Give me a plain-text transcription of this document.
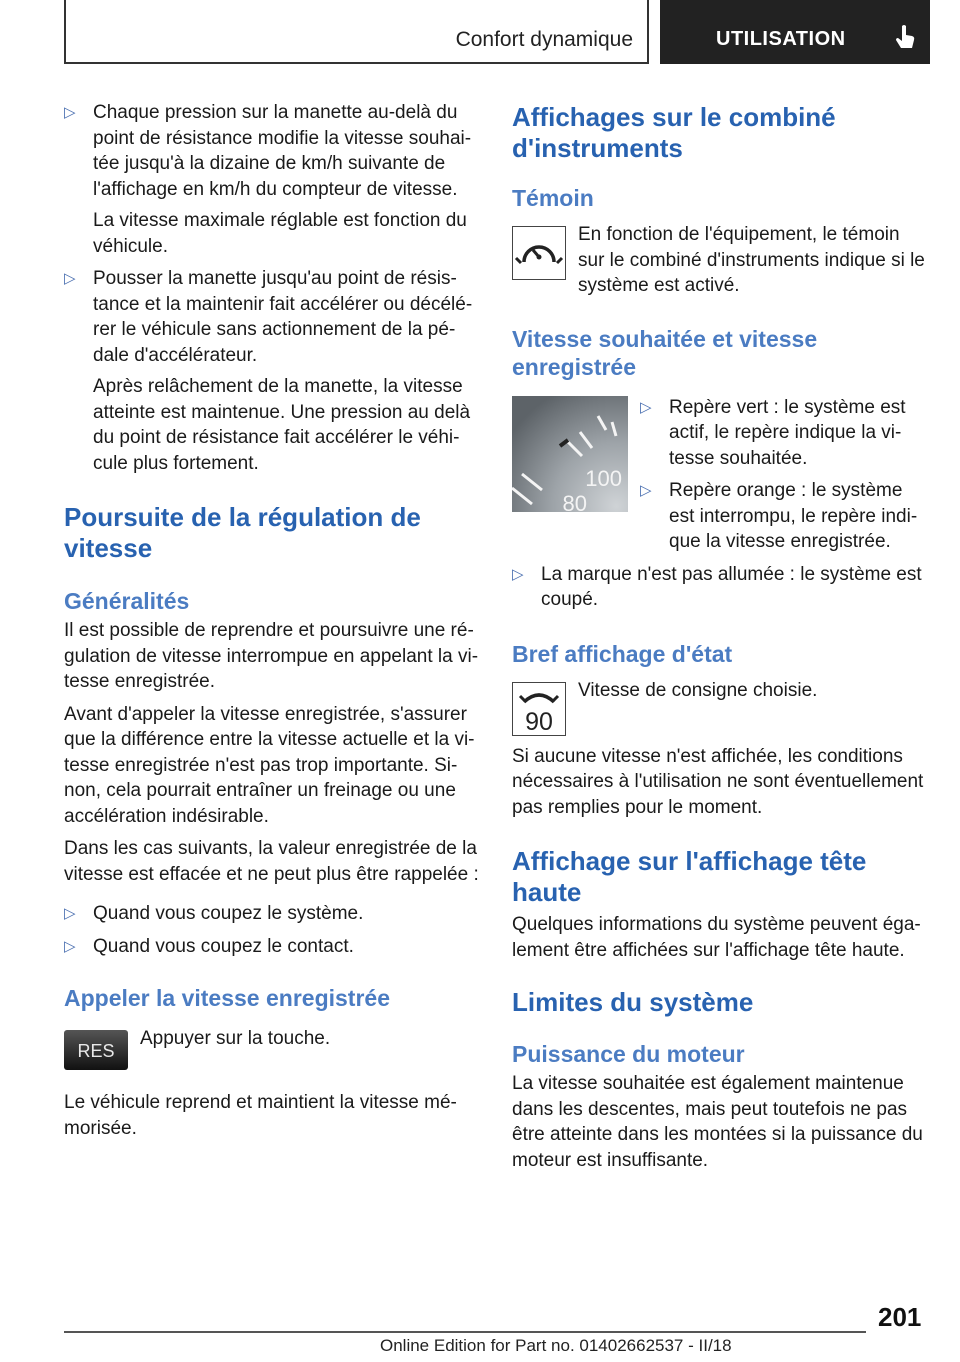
Confort dynamique	UTILISATION
▷ Chaque pression sur la manette au-delà du point de résistance modifie la vitesse souhaitée jusqu'à la dizaine de km/h suivante de l'affichage en km/h du compteur de vitesse.

La vitesse maximale réglable est fonction du véhicule.

▷ Pousser la manette jusqu'au point de résistance et la maintenir fait accélérer ou décélérer le véhicule sans actionnement de la pédale d'accélérateur.

Après relâchement de la manette, la vitesse atteinte est maintenue. Une pression au delà du point de résistance fait accélérer le véhicule plus fortement.

Poursuite de la régulation de vitesse
Généralités

Il est possible de reprendre et poursuivre une régulation de vitesse interrompue en appelant la vitesse enregistrée.

Avant d'appeler la vitesse enregistrée, s'assurer que la différence entre la vitesse actuelle et la vitesse enregistrée n'est pas trop importante. Sinon, cela pourrait entraîner un freinage ou une accélération indésirable.

Dans les cas suivants, la valeur enregistrée de la vitesse est effacée et ne peut plus être rappelée :

▷ Quand vous coupez le système.

▷ Quand vous coupez le contact.

Appeler la vitesse enregistrée
RES

Appuyer sur la touche.

Le véhicule reprend et maintient la vitesse mémorisée.

Affichages sur le combiné d'instruments
Témoin

En fonction de l'équipement, le témoin sur le combiné d'instruments indique si le système est activé.

Vitesse souhaitée et vitesse enregistrée
100
80
▷ Repère vert : le système est actif, le repère indique la vitesse souhaitée.

▷ Repère orange : le système est interrompu, le repère indique la vitesse enregistrée.

▷ La marque n'est pas allumée : le système est coupé.

Bref affichage d'état
90

Vitesse de consigne choisie.

Si aucune vitesse n'est affichée, les conditions nécessaires à l'utilisation ne sont éventuellement pas remplies pour le moment.

Affichage sur l'affichage tête haute

Quelques informations du système peuvent également être affichées sur l'affichage tête haute.

Limites du système
Puissance du moteur

La vitesse souhaitée est également maintenue dans les descentes, mais peut toutefois ne pas être atteinte dans les montées si la puissance du moteur est insuffisante.

201
Online Edition for Part no. 01402662537 - II/18
